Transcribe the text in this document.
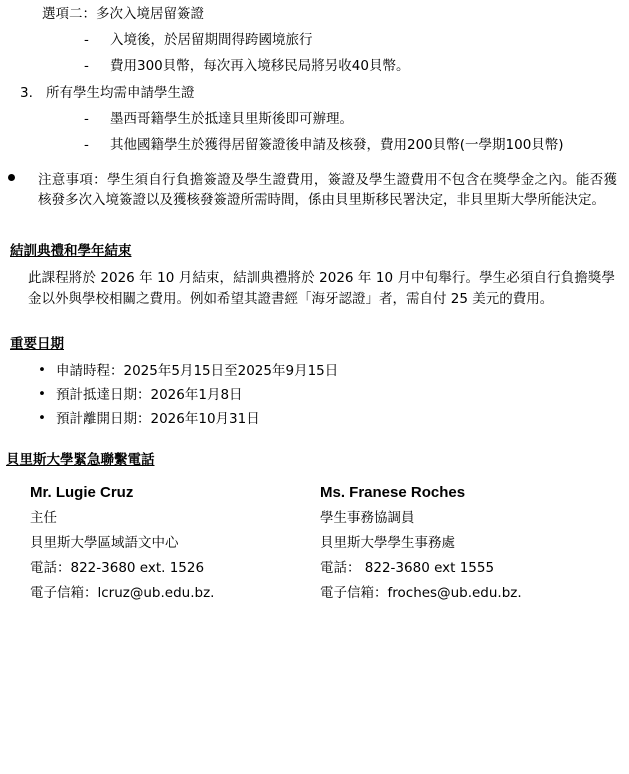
選項二：多次入境居留簽證
- 入境後，於居留期間得跨國境旅行
- 費用300貝幣，每次再入境移民局將另收40貝幣。
3. 所有學生均需申請學生證
- 墨西哥籍學生於抵達貝里斯後即可辦理。
- 其他國籍學生於獲得居留簽證後申請及核發，費用200貝幣(一學期100貝幣)
注意事項：學生須自行負擔簽證及學生證費用，簽證及學生證費用不包含在獎學金之內。能否獲核發多次入境簽證以及獲核發簽證所需時間，係由貝里斯移民署決定，非貝里斯大學所能決定。
結訓典禮和學年結束
此課程將於 2026 年 10 月結束，結訓典禮將於 2026 年 10 月中旬舉行。學生必須自行負擔獎學金以外與學校相關之費用。例如希望其證書經「海牙認證」者，需自付 25 美元的費用。
重要日期
• 申請時程：2025年5月15日至2025年9月15日
• 預計抵達日期：2026年1月8日
• 預計離開日期：2026年10月31日
貝里斯大學緊急聯繫電話
Mr. Lugie Cruz
主任
貝里斯大學區域語文中心
電話：822-3680 ext. 1526
電子信箱：lcruz@ub.edu.bz.
Ms. Franese Roches
學生事務協調員
貝里斯大學學生事務處
電話： 822-3680 ext 1555
電子信箱：froches@ub.edu.bz.
